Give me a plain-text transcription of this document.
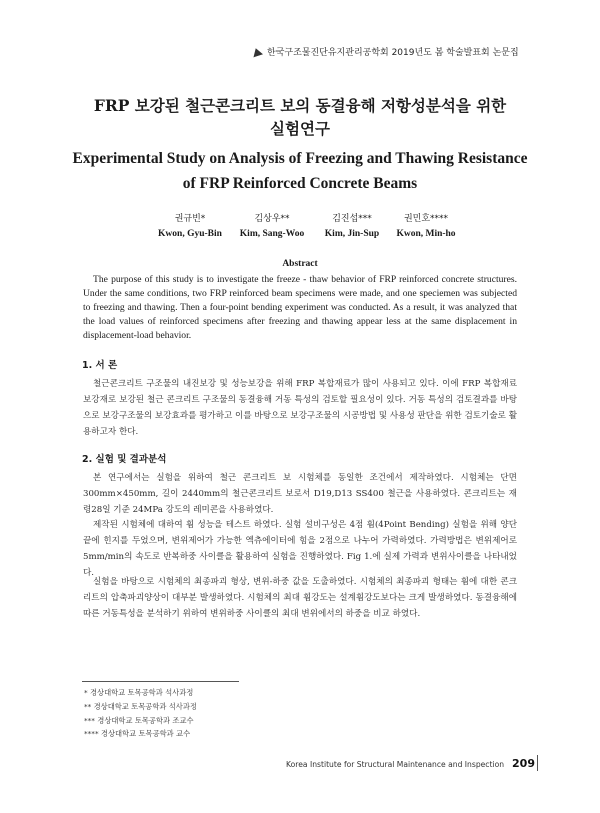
한국구조물진단유지관리공학회 2019년도 봄 학술발표회 논문집
FRP 보강된 철근콘크리트 보의 동결융해 저항성분석을 위한
실험연구
Experimental Study on Analysis of Freezing and Thawing Resistance
of FRP Reinforced Concrete Beams
권규빈*
Kwon, Gyu-Bin
김상우**
Kim, Sang-Woo
김진섭***
Kim, Jin-Sup
권민호****
Kwon, Min-ho
Abstract
The purpose of this study is to investigate the freeze - thaw behavior of FRP reinforced concrete structures. Under the same conditions, two FRP reinforced beam specimens were made, and one speciemen was subjected to freezing and thawing. Then a four-point bending experiment was conducted. As a result, it was analyzed that the load values of reinforced specimens after freezing and thawing appear less at the same displacement in displacement-load behavior.
1. 서 론
철근콘크리트 구조물의 내진보강 및 성능보강을 위해 FRP 복합재료가 많이 사용되고 있다. 이에 FRP 복합재료 보강재로 보강된 철근 콘크리트 구조물의 동결융해 거동 특성의 검토할 필요성이 있다. 거동 특성의 검토결과를 바탕으로 보강구조물의 보강효과를 평가하고 이를 바탕으로 보강구조물의 시공방법 및 사용성 판단을 위한 검토기술로 활용하고자 한다.
2. 실험 및 결과분석
본 연구에서는 실험을 위하여 철근 콘크리트 보 시험체를 동일한 조건에서 제작하였다. 시험체는 단면 300mm×450mm, 길이 2440mm의 철근콘크리트 보로서 D19,D13 SS400 철근을 사용하였다. 콘크리트는 재령28일 기준 24MPa 강도의 레미콘을 사용하였다.
제작된 시험체에 대하여 휨 성능을 테스트 하였다. 실험 설비구성은 4점 휨(4Point Bending) 실험을 위해 양단 끝에 힌지를 두었으며, 변위제어가 가능한 엑츄에이터에 힘을 2점으로 나누어 가력하였다. 가력방법은 변위제어로 5mm/min의 속도로 반복하중 사이클을 활용하여 실험을 진행하였다. Fig 1.에 실제 가력과 변위사이클을 나타내었다.
실험을 바탕으로 시험체의 최종파괴 형상, 변위-하중 값을 도출하였다. 시험체의 최종파괴 형태는 휨에 대한 콘크리트의 압축파괴양상이 대부분 발생하였다. 시험체의 최대 휨강도는 설계휨강도보다는 크게 발생하였다. 동결융해에 따른 거동특성을 분석하기 위하여 변위하중 사이클의 최대 변위에서의 하중을 비교 하였다.
* 경상대학교 토목공학과 석사과정
** 경상대학교 토목공학과 석사과정
*** 경상대학교 토목공학과 조교수
**** 경상대학교 토목공학과 교수
Korea Institute for Structural Maintenance and Inspection 209
